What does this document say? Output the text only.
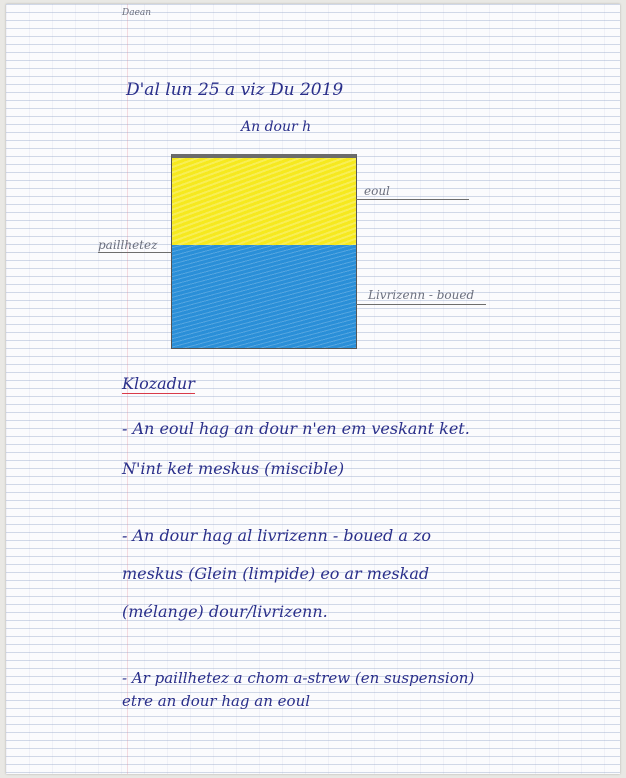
Daean
D'al lun 25 a viz Du 2019
An dour h
eoul
paillhetez
Livrizenn - boued
Klozadur
- An eoul hag an dour n'en em veskant ket.
N'int ket meskus (miscible)
- An dour hag al livrizenn - boued a zo
meskus (Glein (limpide) eo ar meskad
(mélange) dour/livrizenn.
- Ar paillhetez a chom a-strew (en suspension)
etre an dour hag an eoul
